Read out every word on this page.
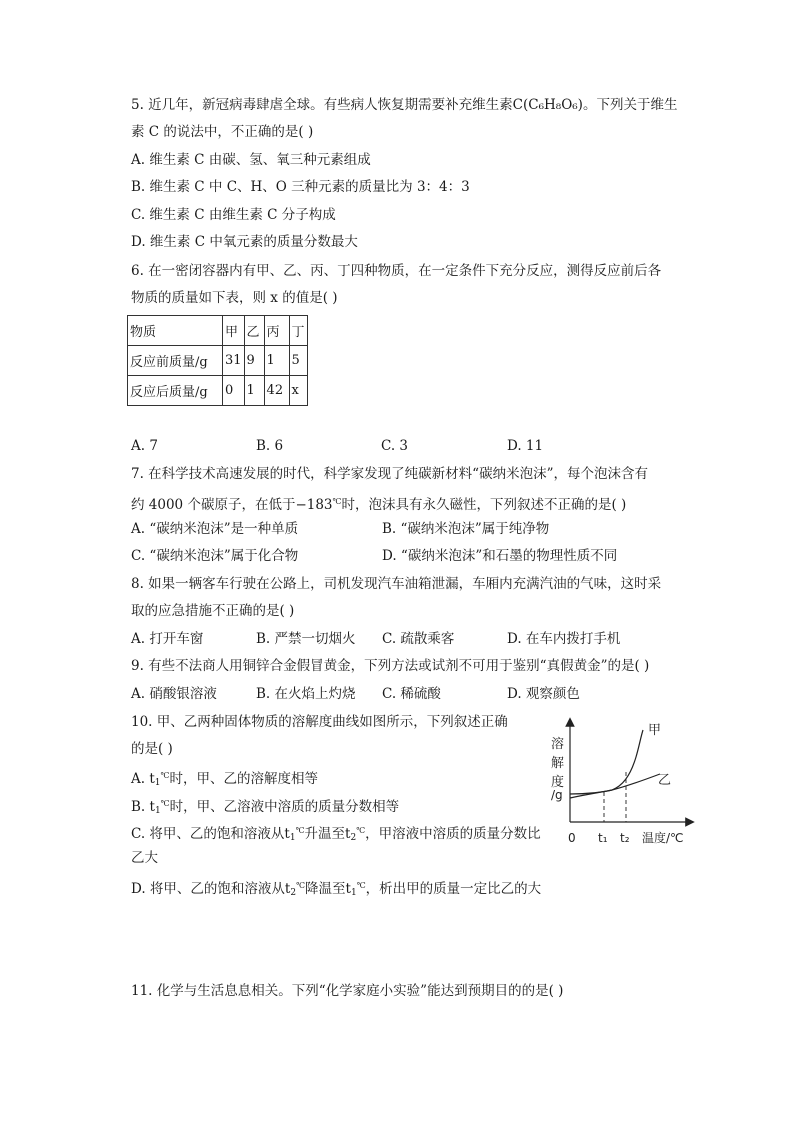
5. 近几年，新冠病毒肆虐全球。有些病人恢复期需要补充维生素C(C₆H₈O₆)。下列关于维生
素 C 的说法中，不正确的是( )
A. 维生素 C 由碳、氢、氧三种元素组成
B. 维生素 C 中 C、H、O 三种元素的质量比为 3：4：3
C. 维生素 C 由维生素 C 分子构成
D. 维生素 C 中氧元素的质量分数最大
6. 在一密闭容器内有甲、乙、丙、丁四种物质，在一定条件下充分反应，测得反应前后各
物质的质量如下表，则 x 的值是( )
物质	甲	乙	丙	丁
反应前质量/g	31	9	1	5
反应后质量/g	0	1	42	x
A. 7	B. 6	C. 3	D. 11
7. 在科学技术高速发展的时代，科学家发现了纯碳新材料“碳纳米泡沫”，每个泡沫含有
约 4000 个碳原子，在低于−183℃时，泡沫具有永久磁性，下列叙述不正确的是( )
A. “碳纳米泡沫”是一种单质	B. “碳纳米泡沫”属于纯净物
C. “碳纳米泡沫”属于化合物	D. “碳纳米泡沫”和石墨的物理性质不同
8. 如果一辆客车行驶在公路上，司机发现汽车油箱泄漏，车厢内充满汽油的气味，这时采
取的应急措施不正确的是( )
A. 打开车窗	B. 严禁一切烟火 C. 疏散乘客	D. 在车内拨打手机
9. 有些不法商人用铜锌合金假冒黄金，下列方法或试剂不可用于鉴别“真假黄金”的是( )
A. 硝酸银溶液	B. 在火焰上灼烧 C. 稀硫酸	D. 观察颜色
10. 甲、乙两种固体物质的溶解度曲线如图所示，下列叙述正确
的是( )
A. $t_1^℃$时，甲、乙的溶解度相等
B. $t_1^℃$时，甲、乙溶液中溶质的质量分数相等
C. 将甲、乙的饱和溶液从$t_1^℃$升温至$t_2^℃$，甲溶液中溶质的质量分数比
乙大
D. 将甲、乙的饱和溶液从$t_2^℃$降温至$t_1^℃$，析出甲的质量一定比乙的大
溶
解
度
/g
0 t₁ t₂ 温度/℃
甲
乙
11. 化学与生活息息相关。下列“化学家庭小实验”能达到预期目的的是( )
